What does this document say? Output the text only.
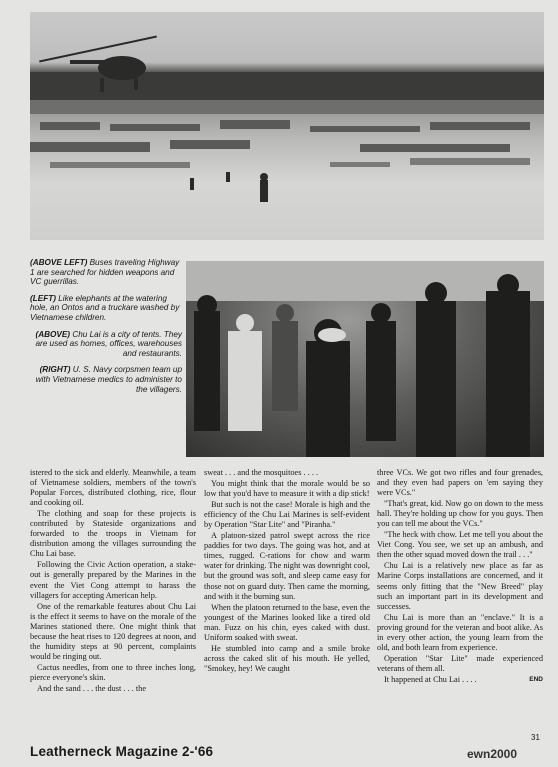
(ABOVE LEFT) Buses traveling Highway 1 are searched for hidden weapons and VC guerrillas.
(LEFT) Like elephants at the watering hole, an Ontos and a truckare washed by Vietnamese children.
(ABOVE) Chu Lai is a city of tents. They are used as homes, offices, warehouses and restaurants.
(RIGHT) U. S. Navy corpsmen team up with Vietnamese medics to administer to the villagers.

istered to the sick and elderly. Meanwhile, a team of Vietnamese soldiers, members of the town's Popular Forces, distributed clothing, rice, flour and cooking oil.

The clothing and soap for these projects is contributed by Stateside organizations and forwarded to the troops in Vietnam for distribution among the villages surrounding the Chu Lai base.

Following the Civic Action operation, a stake-out is generally prepared by the Marines in the event the Viet Cong attempt to harass the villagers for accepting American help.

One of the remarkable features about Chu Lai is the effect it seems to have on the morale of the Marines stationed there. One might think that because the heat rises to 120 degrees at noon, and the humidity steps at 90 percent, complaints would be ringing out.

Cactus needles, from one to three inches long, pierce everyone's skin.

And the sand . . . the dust . . . the

sweat . . . and the mosquitoes . . . .

You might think that the morale would be so low that you'd have to measure it with a dip stick!

But such is not the case! Morale is high and the efficiency of the Chu Lai Marines is self-evident by Operation "Star Lite" and "Piranha."

A platoon-sized patrol swept across the rice paddies for two days. The going was hot, and at times, rugged. C-rations for chow and warm water for drinking. The night was downright cool, but the ground was soft, and sleep came easy for those not on guard duty. Then came the morning, and with it the burning sun.

When the platoon returned to the base, even the youngest of the Marines looked like a tired old man. Fuzz on his chin, eyes caked with dust. Uniform soaked with sweat.

He stumbled into camp and a smile broke across the caked slit of his mouth. He yelled, "Smokey, hey! We caught

three VCs. We got two rifles and four grenades, and they even had papers on 'em saying they were VCs."

"That's great, kid. Now go on down to the mess hall. They're holding up chow for you guys. Then you can tell me about the VCs."

"The heck with chow. Let me tell you about the Viet Cong. You see, we set up an ambush, and then the other squad moved down the trail . . ."

Chu Lai is a relatively new place as far as Marine Corps installations are concerned, and it seems only fitting that the "New Breed" play such an important part in its development and successes.

Chu Lai is more than an "enclave." It is a proving ground for the veteran and boot alike. As in every other action, the young learn from the old, and both learn from experience.

Operation "Star Lite" made experienced veterans of them all.

It happened at Chu Lai . . . .	END

Leatherneck Magazine 2-'66
31
ewn2000
